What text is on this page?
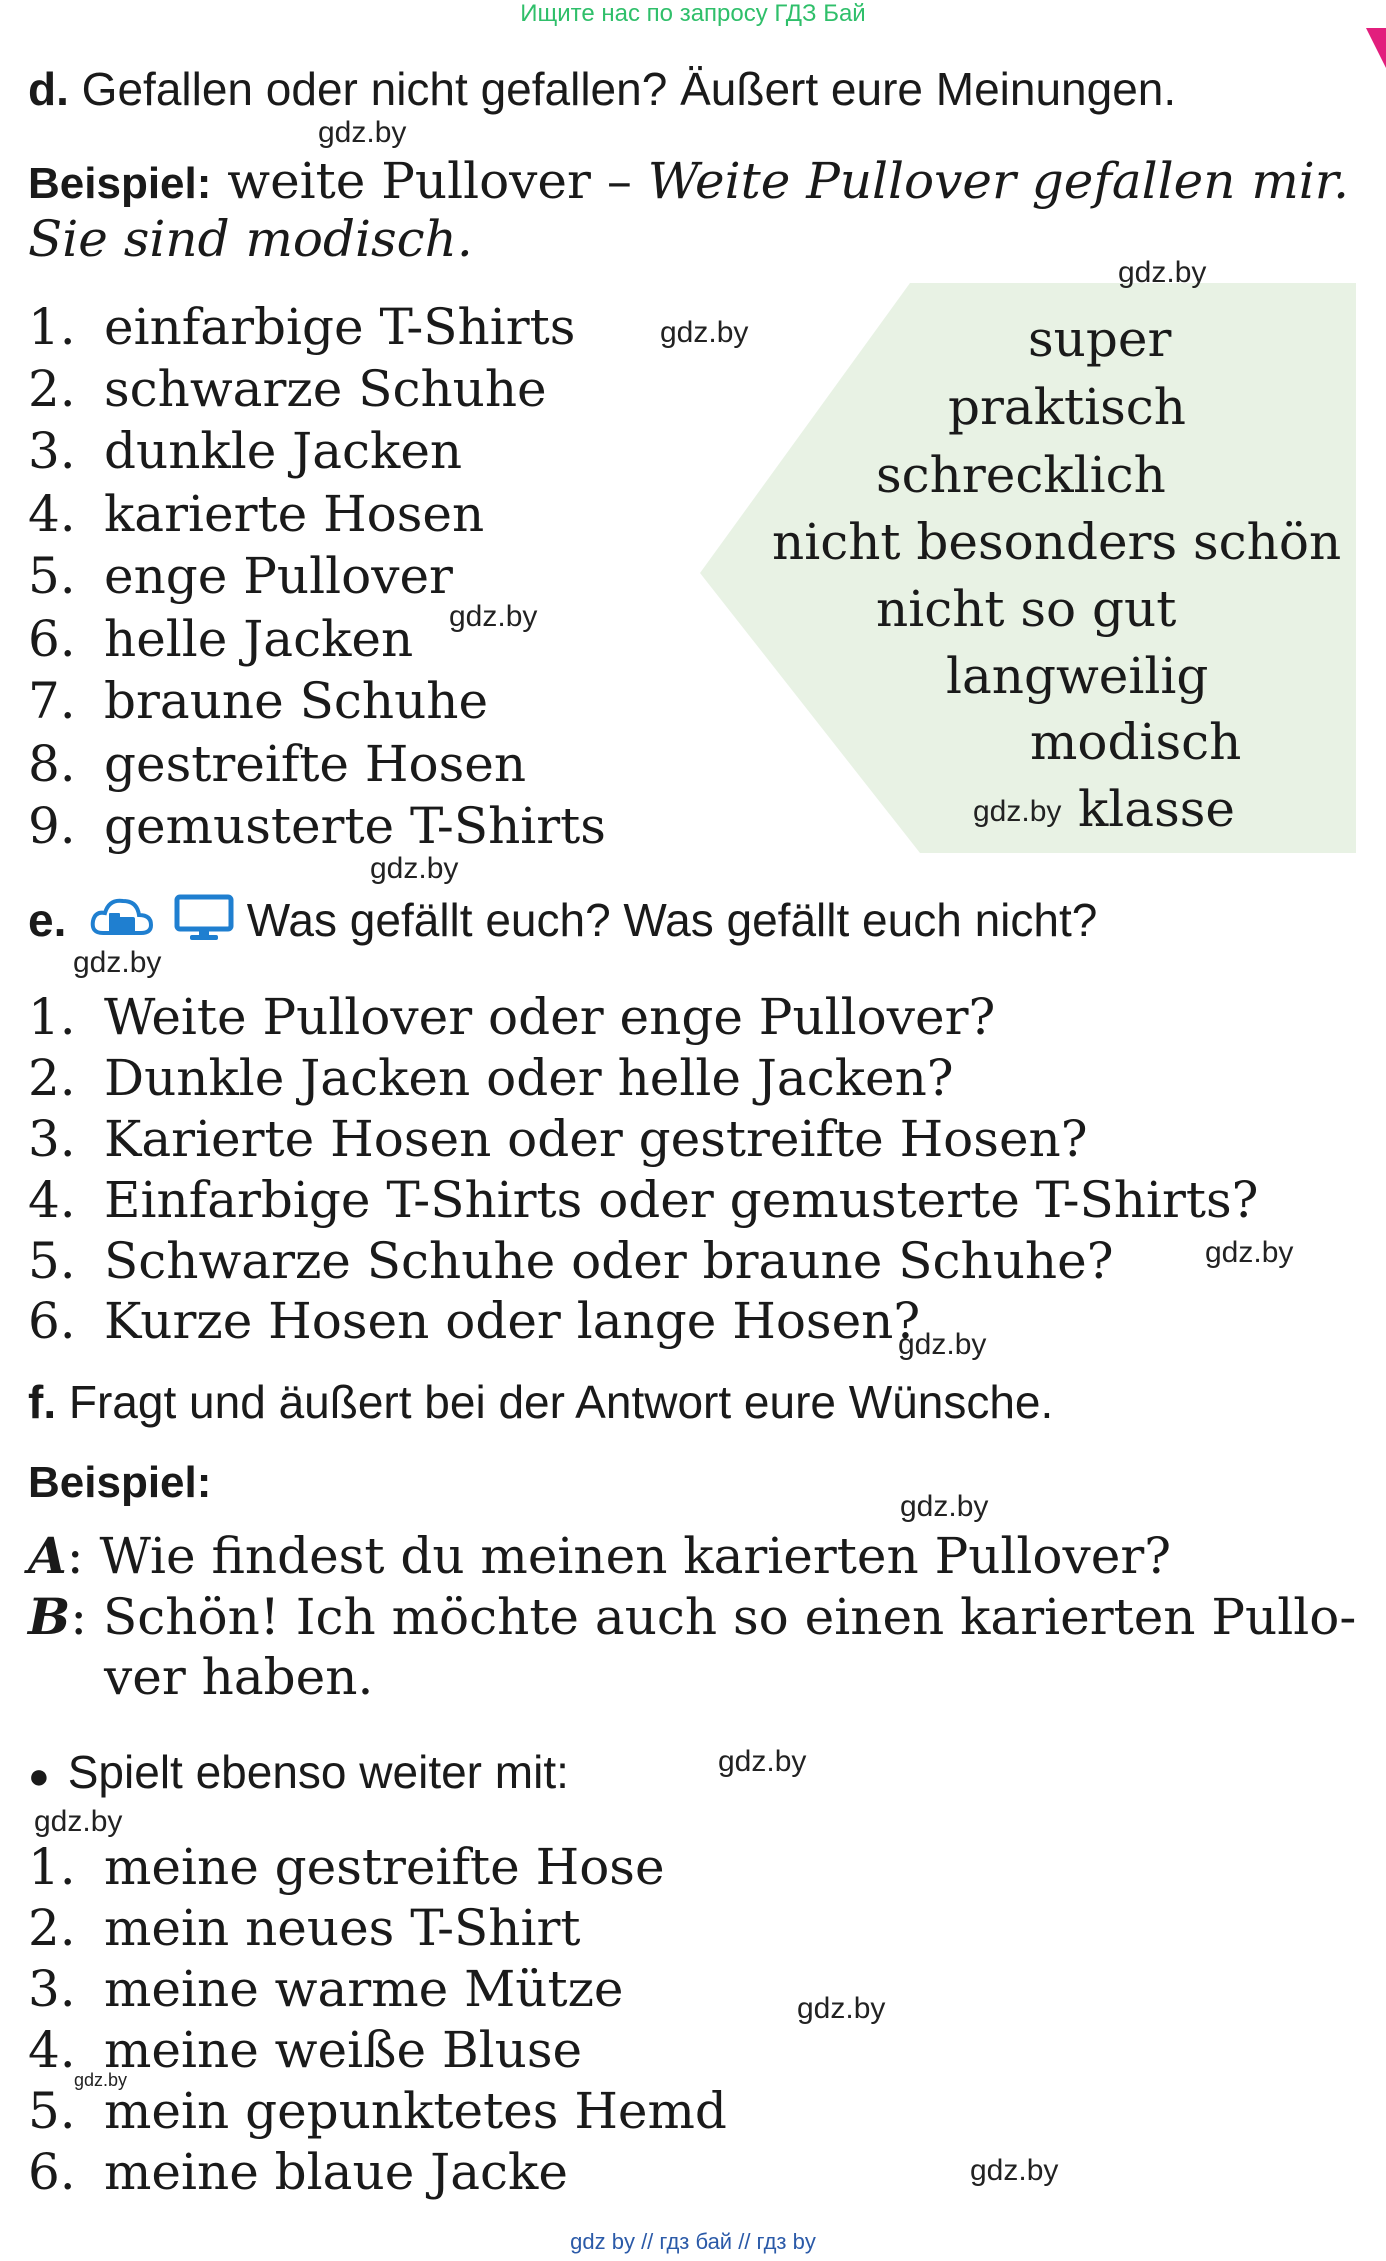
Ищите нас по запросу ГДЗ Бай
d. Gefallen oder nicht gefallen? Äußert eure Meinungen.
Beispiel: weite Pullover – Weite Pullover gefallen mir.
Sie sind modisch.
super
praktisch
schrecklich
nicht besonders schön
nicht so gut
langweilig
modisch
klasse
1. einfarbige T-Shirts
2. schwarze Schuhe
3. dunkle Jacken
4. karierte Hosen
5. enge Pullover
6. helle Jacken
7. braune Schuhe
8. gestreifte Hosen
9. gemusterte T-Shirts
e.	Was gefällt euch? Was gefällt euch nicht?
1. Weite Pullover oder enge Pullover?
2. Dunkle Jacken oder helle Jacken?
3. Karierte Hosen oder gestreifte Hosen?
4. Einfarbige T-Shirts oder gemusterte T-Shirts?
5. Schwarze Schuhe oder braune Schuhe?
6. Kurze Hosen oder lange Hosen?
f. Fragt und äußert bei der Antwort eure Wünsche.
Beispiel:
A: Wie findest du meinen karierten Pullover?
B: Schön! Ich möchte auch so einen karierten Pullo-
ver haben.
● Spielt ebenso weiter mit:
1. meine gestreifte Hose
2. mein neues T-Shirt
3. meine warme Mütze
4. meine weiße Bluse
5. mein gepunktetes Hemd
6. meine blaue Jacke
gdz.by
gdz.by
gdz.by
gdz.by
gdz.by
gdz.by
gdz.by
gdz.by
gdz.by
gdz.by
gdz.by
gdz.by
gdz.by
gdz.by
gdz.by
gdz by // гдз бай // гдз by
